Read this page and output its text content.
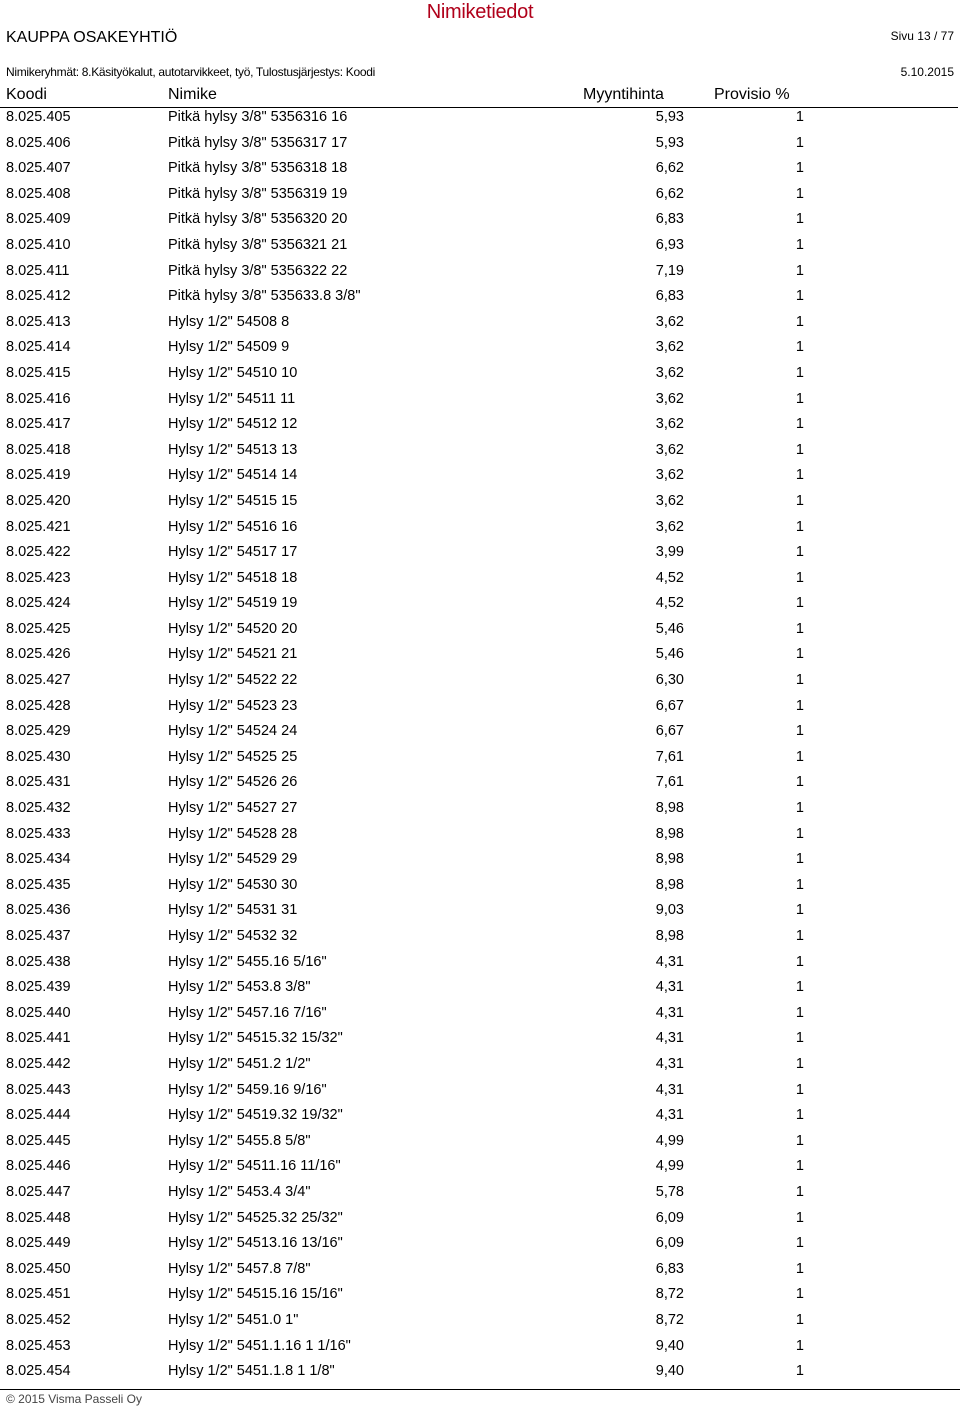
Nimiketiedot
KAUPPA OSAKEYHTIÖ	Sivu 13 / 77
Nimikeryhmät: 8.Käsityökalut, autotarvikkeet, työ, Tulostusjärjestys: Koodi	5.10.2015
Koodi	Nimike	Myyntihinta	Provisio %
8.025.405	Pitkä hylsy 3/8" 5356316 16	5,93	1
8.025.406	Pitkä hylsy 3/8" 5356317 17	5,93	1
8.025.407	Pitkä hylsy 3/8" 5356318 18	6,62	1
8.025.408	Pitkä hylsy 3/8" 5356319 19	6,62	1
8.025.409	Pitkä hylsy 3/8" 5356320 20	6,83	1
8.025.410	Pitkä hylsy 3/8" 5356321 21	6,93	1
8.025.411	Pitkä hylsy 3/8" 5356322 22	7,19	1
8.025.412	Pitkä hylsy 3/8" 535633.8 3/8"	6,83	1
8.025.413	Hylsy 1/2" 54508 8	3,62	1
8.025.414	Hylsy 1/2" 54509 9	3,62	1
8.025.415	Hylsy 1/2" 54510 10	3,62	1
8.025.416	Hylsy 1/2" 54511 11	3,62	1
8.025.417	Hylsy 1/2" 54512 12	3,62	1
8.025.418	Hylsy 1/2" 54513 13	3,62	1
8.025.419	Hylsy 1/2" 54514 14	3,62	1
8.025.420	Hylsy 1/2" 54515 15	3,62	1
8.025.421	Hylsy 1/2" 54516 16	3,62	1
8.025.422	Hylsy 1/2" 54517 17	3,99	1
8.025.423	Hylsy 1/2" 54518 18	4,52	1
8.025.424	Hylsy 1/2" 54519 19	4,52	1
8.025.425	Hylsy 1/2" 54520 20	5,46	1
8.025.426	Hylsy 1/2" 54521 21	5,46	1
8.025.427	Hylsy 1/2" 54522 22	6,30	1
8.025.428	Hylsy 1/2" 54523 23	6,67	1
8.025.429	Hylsy 1/2" 54524 24	6,67	1
8.025.430	Hylsy 1/2" 54525 25	7,61	1
8.025.431	Hylsy 1/2" 54526 26	7,61	1
8.025.432	Hylsy 1/2" 54527 27	8,98	1
8.025.433	Hylsy 1/2" 54528 28	8,98	1
8.025.434	Hylsy 1/2" 54529 29	8,98	1
8.025.435	Hylsy 1/2" 54530 30	8,98	1
8.025.436	Hylsy 1/2" 54531 31	9,03	1
8.025.437	Hylsy 1/2" 54532 32	8,98	1
8.025.438	Hylsy 1/2" 5455.16 5/16"	4,31	1
8.025.439	Hylsy 1/2" 5453.8 3/8"	4,31	1
8.025.440	Hylsy 1/2" 5457.16 7/16"	4,31	1
8.025.441	Hylsy 1/2" 54515.32 15/32"	4,31	1
8.025.442	Hylsy 1/2" 5451.2 1/2"	4,31	1
8.025.443	Hylsy 1/2" 5459.16 9/16"	4,31	1
8.025.444	Hylsy 1/2" 54519.32 19/32"	4,31	1
8.025.445	Hylsy 1/2" 5455.8 5/8"	4,99	1
8.025.446	Hylsy 1/2" 54511.16 11/16"	4,99	1
8.025.447	Hylsy 1/2" 5453.4 3/4"	5,78	1
8.025.448	Hylsy 1/2" 54525.32 25/32"	6,09	1
8.025.449	Hylsy 1/2" 54513.16 13/16"	6,09	1
8.025.450	Hylsy 1/2" 5457.8 7/8"	6,83	1
8.025.451	Hylsy 1/2" 54515.16 15/16"	8,72	1
8.025.452	Hylsy 1/2" 5451.0 1"	8,72	1
8.025.453	Hylsy 1/2" 5451.1.16 1 1/16"	9,40	1
8.025.454	Hylsy 1/2" 5451.1.8 1 1/8"	9,40	1
© 2015 Visma Passeli Oy
